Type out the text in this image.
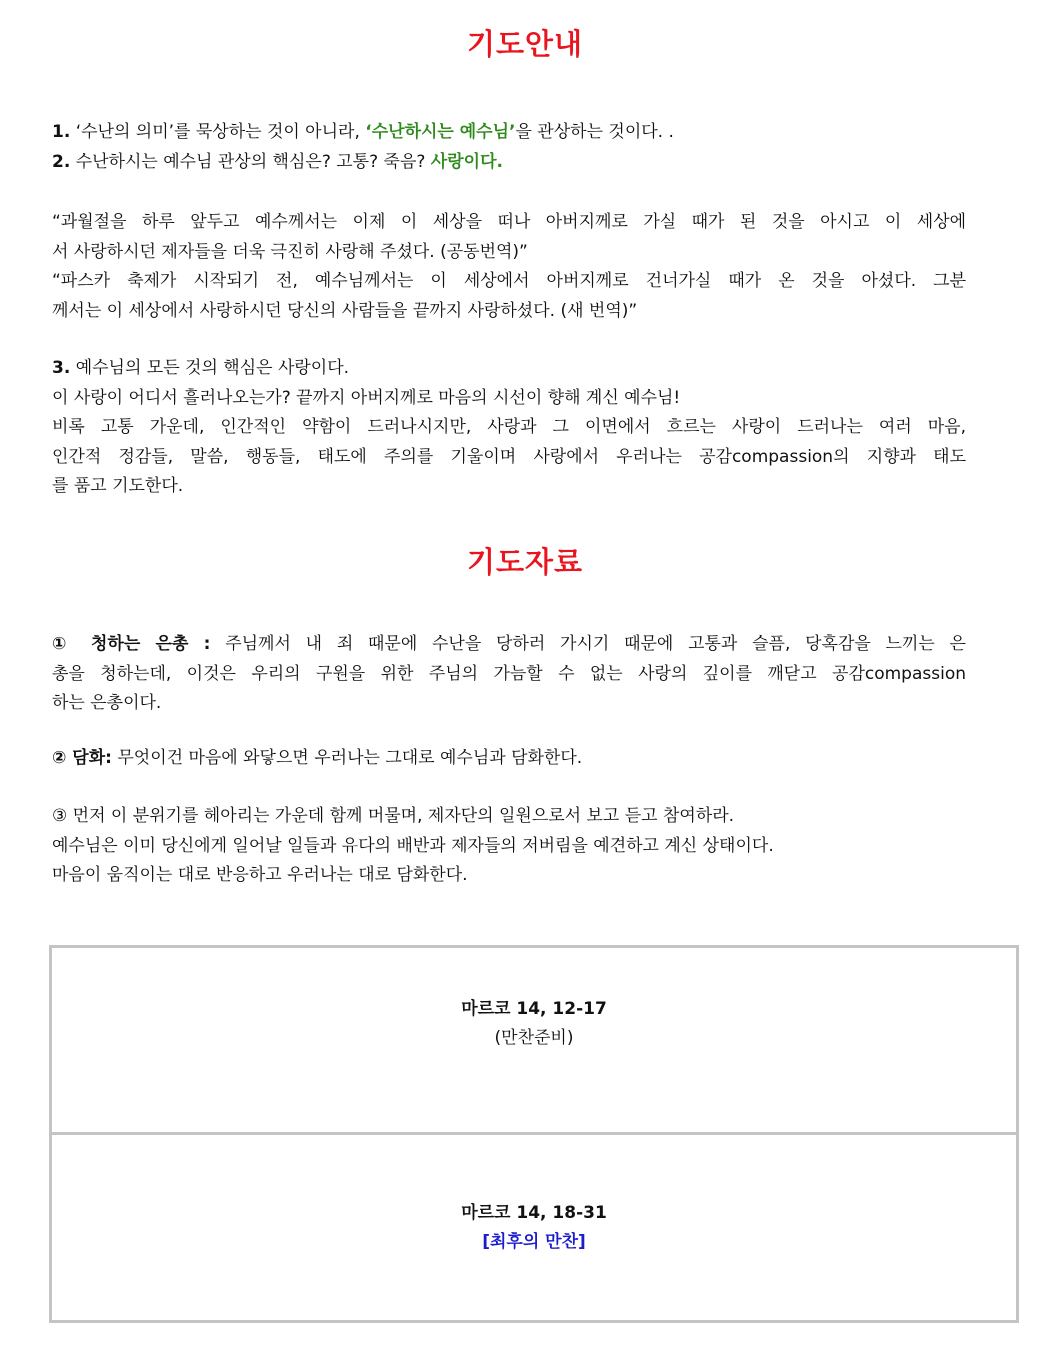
기도안내

1. ‘수난의 의미’를 묵상하는 것이 아니라, ‘수난하시는 예수님’을 관상하는 것이다. .
2. 수난하시는 예수님 관상의 핵심은? 고통? 죽음? 사랑이다.

“과월절을 하루 앞두고 예수께서는 이제 이 세상을 떠나 아버지께로 가실 때가 된 것을 아시고 이 세상에
서 사랑하시던 제자들을 더욱 극진히 사랑해 주셨다. (공동번역)”
“파스카 축제가 시작되기 전, 예수님께서는 이 세상에서 아버지께로 건너가실 때가 온 것을 아셨다. 그분
께서는 이 세상에서 사랑하시던 당신의 사람들을 끝까지 사랑하셨다. (새 번역)”

3. 예수님의 모든 것의 핵심은 사랑이다.
이 사랑이 어디서 흘러나오는가? 끝까지 아버지께로 마음의 시선이 향해 계신 예수님!
비록 고통 가운데, 인간적인 약함이 드러나시지만, 사랑과 그 이면에서 흐르는 사랑이 드러나는 여러 마음,
인간적 정감들, 말씀, 행동들, 태도에 주의를 기울이며 사랑에서 우러나는 공감compassion의 지향과 태도
를 품고 기도한다.

기도자료

① 청하는 은총 : 주님께서 내 죄 때문에 수난을 당하러 가시기 때문에 고통과 슬픔, 당혹감을 느끼는 은
총을 청하는데, 이것은 우리의 구원을 위한 주님의 가늠할 수 없는 사랑의 깊이를 깨닫고 공감compassion
하는 은총이다.

② 담화: 무엇이건 마음에 와닿으면 우러나는 그대로 예수님과 담화한다.

③ 먼저 이 분위기를 헤아리는 가운데 함께 머물며, 제자단의 일원으로서 보고 듣고 참여하라.
예수님은 이미 당신에게 일어날 일들과 유다의 배반과 제자들의 저버림을 예견하고 계신 상태이다.
마음이 움직이는 대로 반응하고 우러나는 대로 담화한다.

마르코 14, 12-17
(만찬준비)
마르코 14, 18-31
[최후의 만찬]
